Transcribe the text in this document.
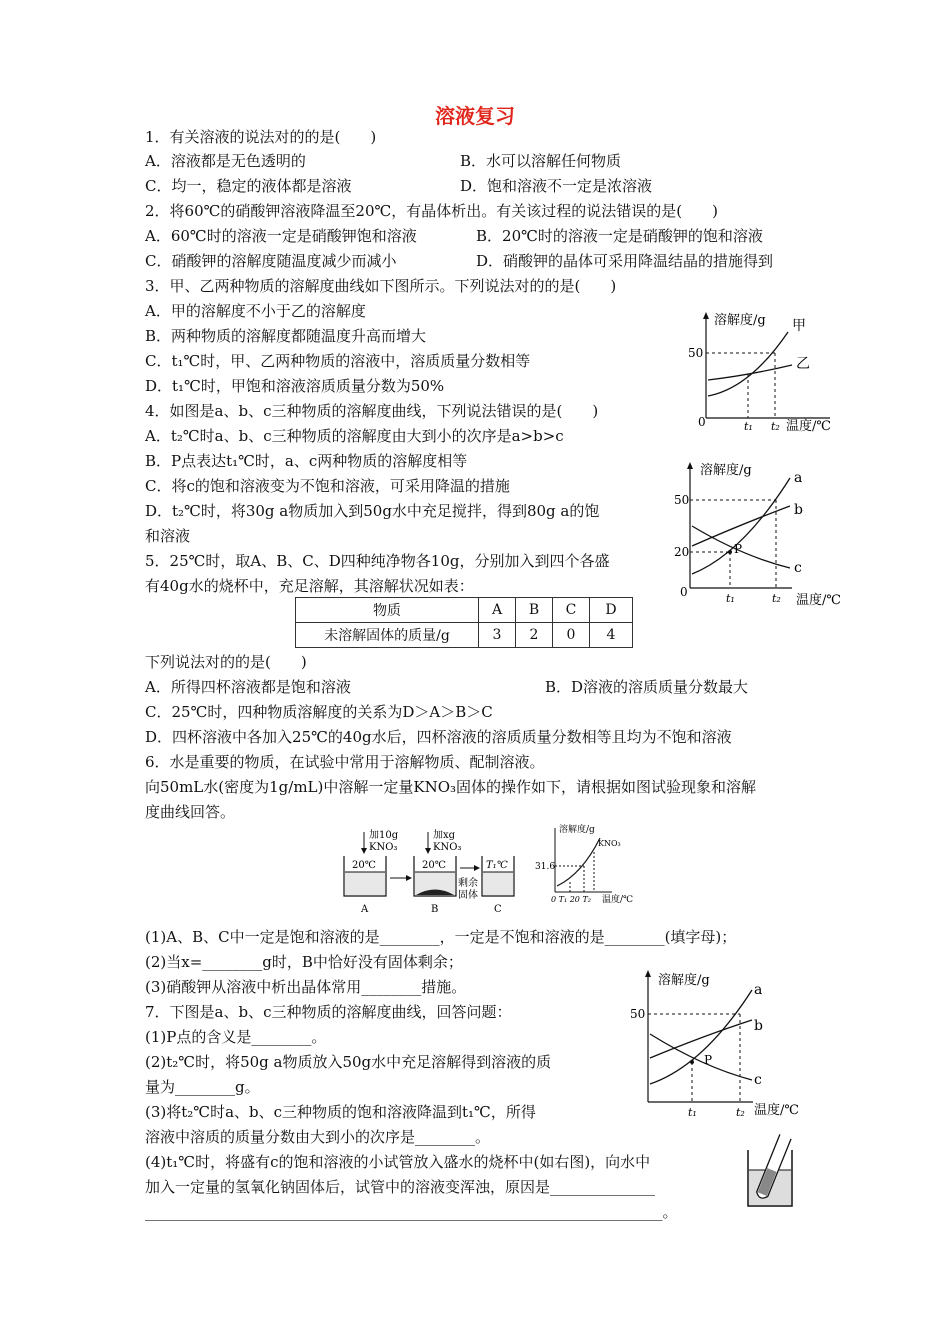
溶液复习
1．有关溶液的说法对的的是(　　)
A．溶液都是无色透明的	B．水可以溶解任何物质
C．均一，稳定的液体都是溶液	D．饱和溶液不一定是浓溶液
2．将60℃的硝酸钾溶液降温至20℃，有晶体析出。有关该过程的说法错误的是(　　)
A．60℃时的溶液一定是硝酸钾饱和溶液	B．20℃时的溶液一定是硝酸钾的饱和溶液
C．硝酸钾的溶解度随温度减少而减小	D．硝酸钾的晶体可采用降温结晶的措施得到
3．甲、乙两种物质的溶解度曲线如下图所示。下列说法对的的是(　　)
A．甲的溶解度不小于乙的溶解度
B．两种物质的溶解度都随温度升高而增大
C．t₁℃时，甲、乙两种物质的溶液中，溶质质量分数相等
D．t₁℃时，甲饱和溶液溶质质量分数为50%
溶解度/g 甲
乙
50
0	t₁ t₂ 温度/℃
4．如图是a、b、c三种物质的溶解度曲线，下列说法错误的是(　　)
A．t₂℃时a、b、c三种物质的溶解度由大到小的次序是a>b>c
B．P点表达t₁℃时，a、c两种物质的溶解度相等
C．将c的饱和溶液变为不饱和溶液，可采用降温的措施
D．t₂℃时，将30g a物质加入到50g水中充足搅拌，得到80g a的饱
和溶液
溶解度/g	a
b
c
P
50
20
0	t₁	t₂ 温度/℃
5．25℃时，取A、B、C、D四种纯净物各10g，分别加入到四个各盛
有40g水的烧杯中，充足溶解，其溶解状况如表：
物质	A	B	C	D
未溶解固体的质量/g	3	2	0	4
下列说法对的的是(　　)
A．所得四杯溶液都是饱和溶液	B．D溶液的溶质质量分数最大
C．25℃时，四种物质溶解度的关系为D＞A＞B＞C
D．四杯溶液中各加入25℃的40g水后，四杯溶液的溶质质量分数相等且均为不饱和溶液
6．水是重要的物质，在试验中常用于溶解物质、配制溶液。
向50mL水(密度为1g/mL)中溶解一定量KNO₃固体的操作如下，请根据如图试验现象和溶解
度曲线回答。
加10g
KNO₃
加xg
KNO₃
20℃
A
20℃
B
剩余
固体
T₁℃
C
溶解度/g
KNO₃
31.6
0 T₁ 20 T₂ 温度/℃
(1)A、B、C中一定是饱和溶液的是________，一定是不饱和溶液的是________(填字母)；
(2)当x=________g时，B中恰好没有固体剩余；
(3)硝酸钾从溶液中析出晶体常用________措施。
7．下图是a、b、c三种物质的溶解度曲线，回答问题：
(1)P点的含义是________。
(2)t₂℃时，将50g a物质放入50g水中充足溶解得到溶液的质
量为________g。
(3)将t₂℃时a、b、c三种物质的饱和溶液降温到t₁℃，所得
溶液中溶质的质量分数由大到小的次序是________。
(4)t₁℃时，将盛有c的饱和溶液的小试管放入盛水的烧杯中(如右图)，向水中
加入一定量的氢氧化钠固体后，试管中的溶液变浑浊，原因是______________
_____________________________________________________________________。
溶解度/g
a
b
c
P
50
t₁	t₂ 温度/℃
